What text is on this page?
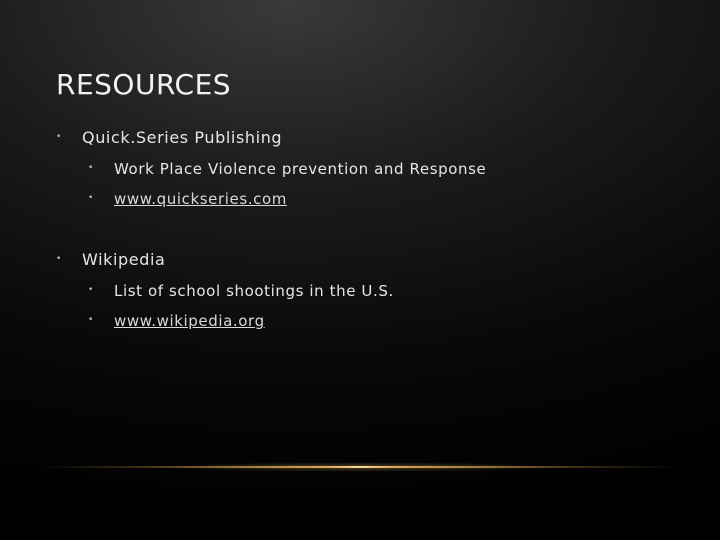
RESOURCES
• Quick.Series Publishing
• Work Place Violence prevention and Response
• www.quickseries.com
• Wikipedia
• List of school shootings in the U.S.
• www.wikipedia.org
